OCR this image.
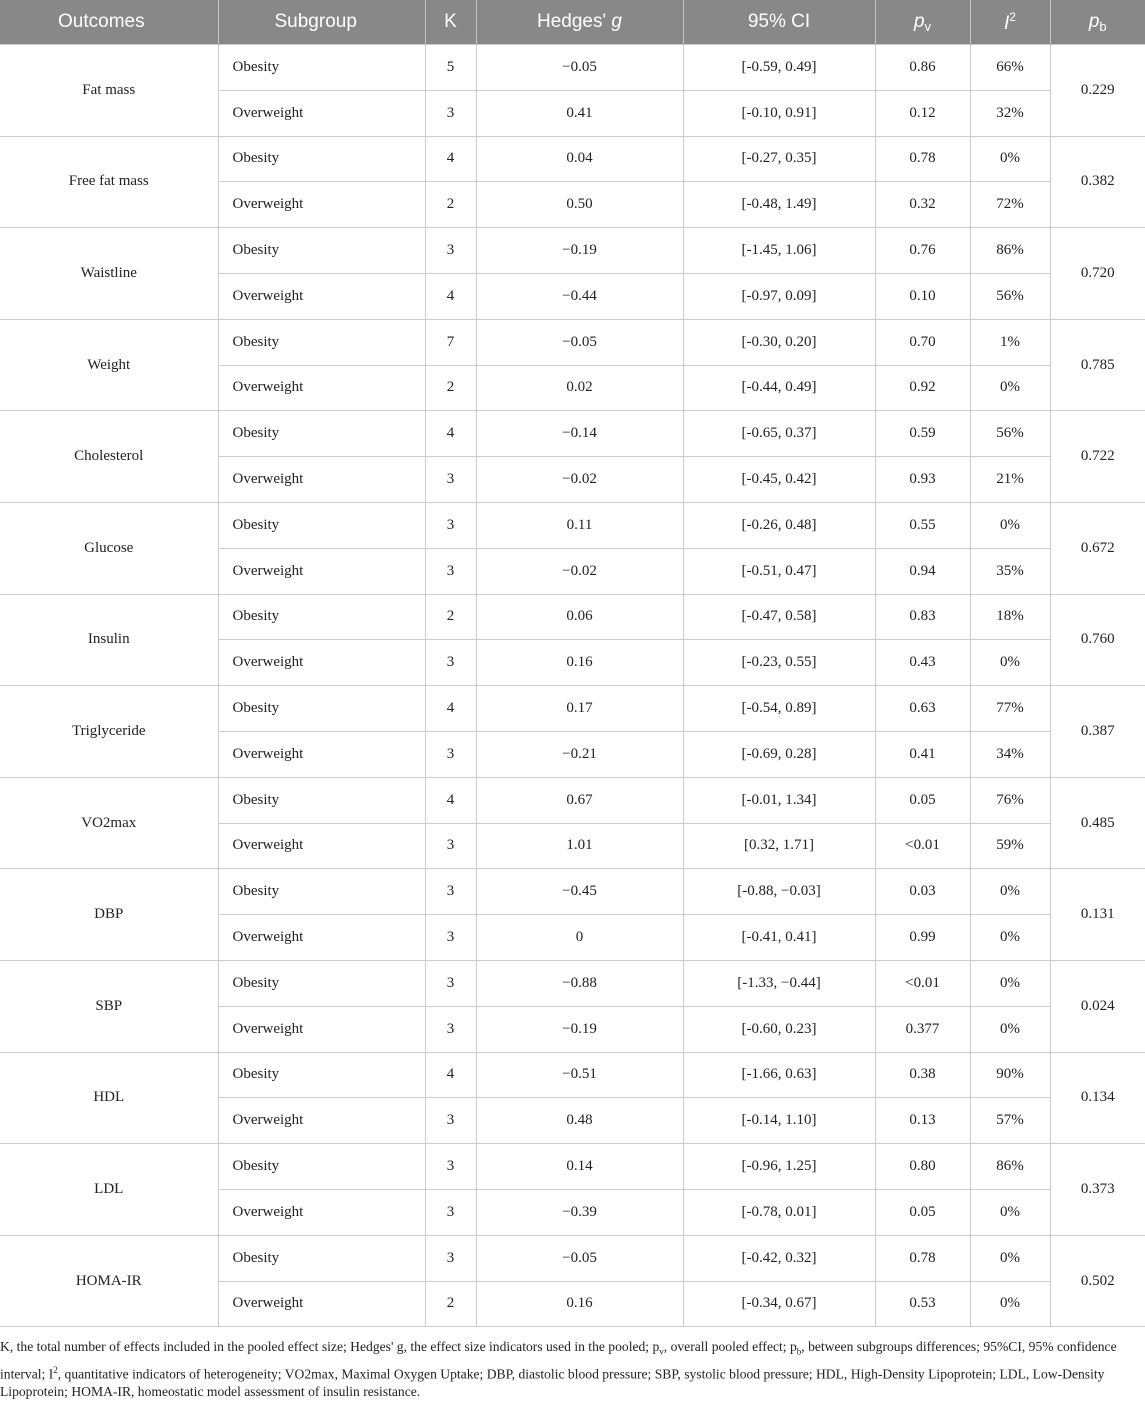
Outcomes	Subgroup	K	Hedges' g	95% CI	$p_v$	$I^2$	$p_b$
Fat mass	Obesity	5	−0.05	[-0.59, 0.49]	0.86	66%	0.229
	Overweight	3	0.41	[-0.10, 0.91]	0.12	32%	
Free fat mass	Obesity	4	0.04	[-0.27, 0.35]	0.78	0%	0.382
	Overweight	2	0.50	[-0.48, 1.49]	0.32	72%	
Waistline	Obesity	3	−0.19	[-1.45, 1.06]	0.76	86%	0.720
	Overweight	4	−0.44	[-0.97, 0.09]	0.10	56%	
Weight	Obesity	7	−0.05	[-0.30, 0.20]	0.70	1%	0.785
	Overweight	2	0.02	[-0.44, 0.49]	0.92	0%	
Cholesterol	Obesity	4	−0.14	[-0.65, 0.37]	0.59	56%	0.722
	Overweight	3	−0.02	[-0.45, 0.42]	0.93	21%	
Glucose	Obesity	3	0.11	[-0.26, 0.48]	0.55	0%	0.672
	Overweight	3	−0.02	[-0.51, 0.47]	0.94	35%	
Insulin	Obesity	2	0.06	[-0.47, 0.58]	0.83	18%	0.760
	Overweight	3	0.16	[-0.23, 0.55]	0.43	0%	
Triglyceride	Obesity	4	0.17	[-0.54, 0.89]	0.63	77%	0.387
	Overweight	3	−0.21	[-0.69, 0.28]	0.41	34%	
VO2max	Obesity	4	0.67	[-0.01, 1.34]	0.05	76%	0.485
	Overweight	3	1.01	[0.32, 1.71]	<0.01	59%	
DBP	Obesity	3	−0.45	[-0.88, −0.03]	0.03	0%	0.131
	Overweight	3	0	[-0.41, 0.41]	0.99	0%	
SBP	Obesity	3	−0.88	[-1.33, −0.44]	<0.01	0%	0.024
	Overweight	3	−0.19	[-0.60, 0.23]	0.377	0%	
HDL	Obesity	4	−0.51	[-1.66, 0.63]	0.38	90%	0.134
	Overweight	3	0.48	[-0.14, 1.10]	0.13	57%	
LDL	Obesity	3	0.14	[-0.96, 1.25]	0.80	86%	0.373
	Overweight	3	−0.39	[-0.78, 0.01]	0.05	0%	
HOMA-IR	Obesity	3	−0.05	[-0.42, 0.32]	0.78	0%	0.502
	Overweight	2	0.16	[-0.34, 0.67]	0.53	0%	
K, the total number of effects included in the pooled effect size; Hedges' g, the effect size indicators used in the pooled; $p_v$, overall pooled effect; $p_b$, between subgroups differences; 95%CI, 95% confidence interval; $I^2$, quantitative indicators of heterogeneity; VO2max, Maximal Oxygen Uptake; DBP, diastolic blood pressure; SBP, systolic blood pressure; HDL, High-Density Lipoprotein; LDL, Low-Density Lipoprotein; HOMA-IR, homeostatic model assessment of insulin resistance.
